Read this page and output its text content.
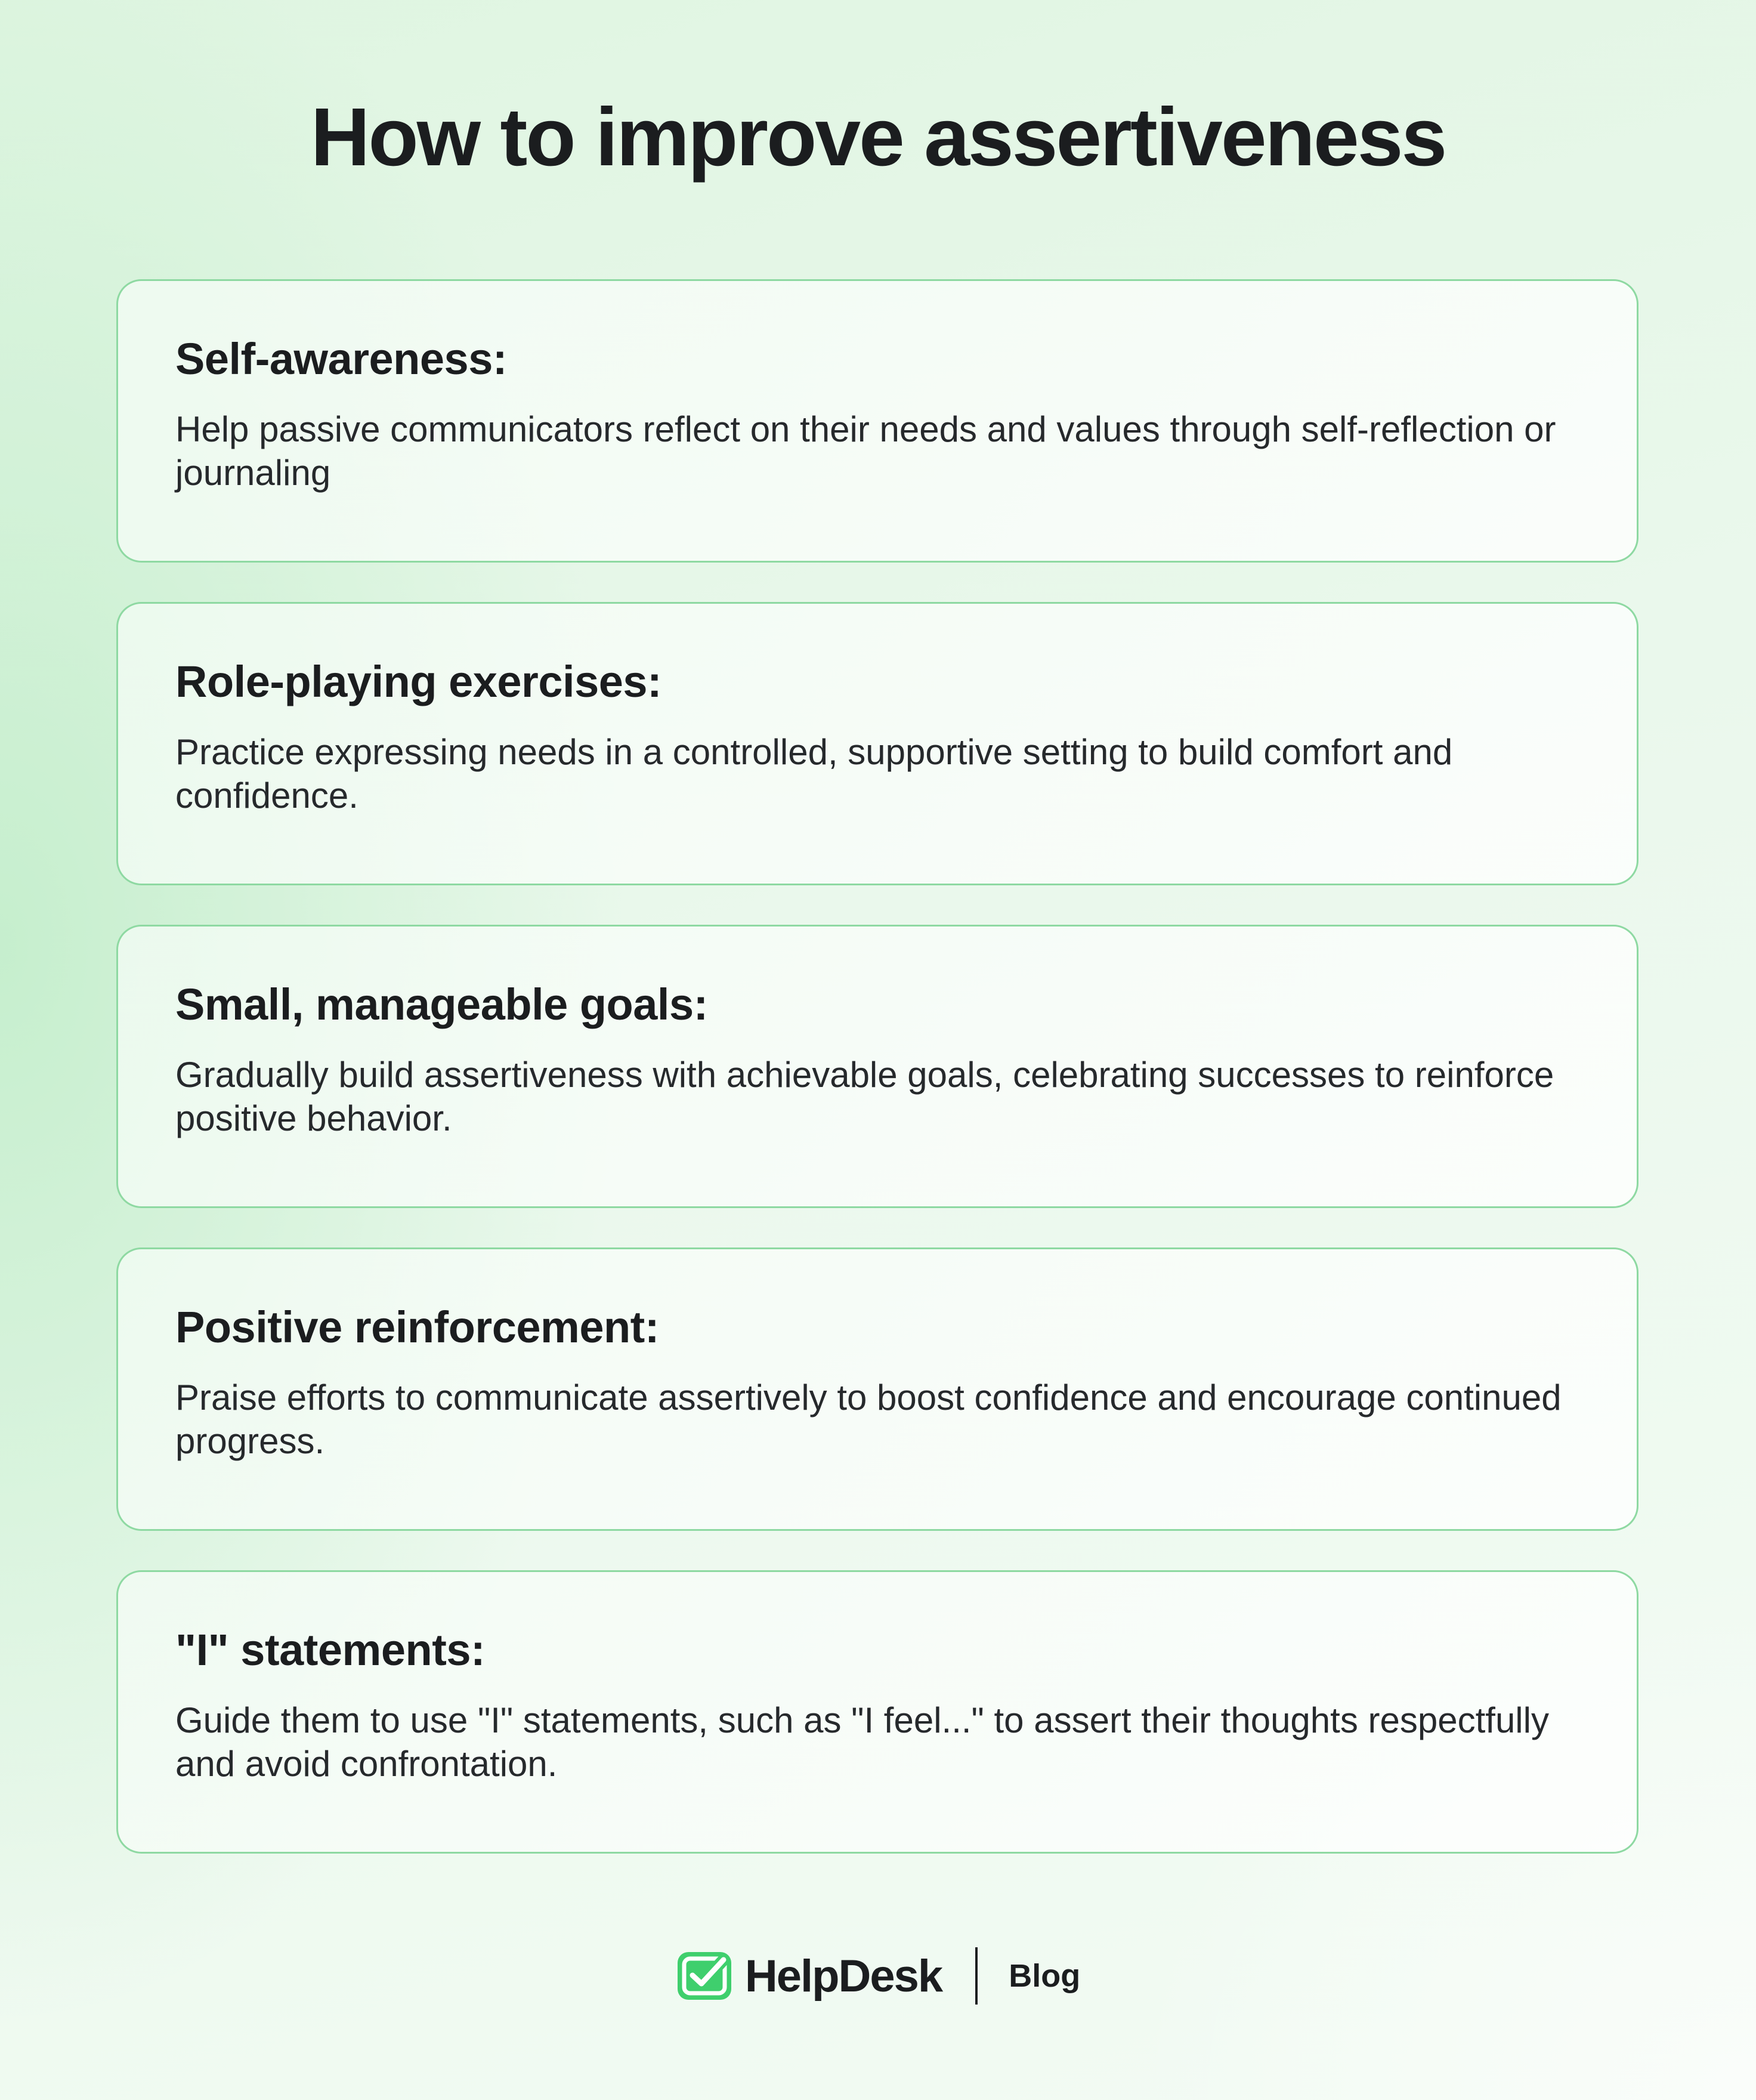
How to improve assertiveness
Self-awareness:

Help passive communicators reflect on their needs and values through self-reflection or journaling

Role-playing exercises:

Practice expressing needs in a controlled, supportive setting to build comfort and confidence.

Small, manageable goals:

Gradually build assertiveness with achievable goals, celebrating successes to reinforce positive behavior.

Positive reinforcement:

Praise efforts to communicate assertively to boost confidence and encourage continued progress.

"I" statements:

Guide them to use "I" statements, such as "I feel..." to assert their thoughts respectfully and avoid confrontation.

HelpDesk Blog
